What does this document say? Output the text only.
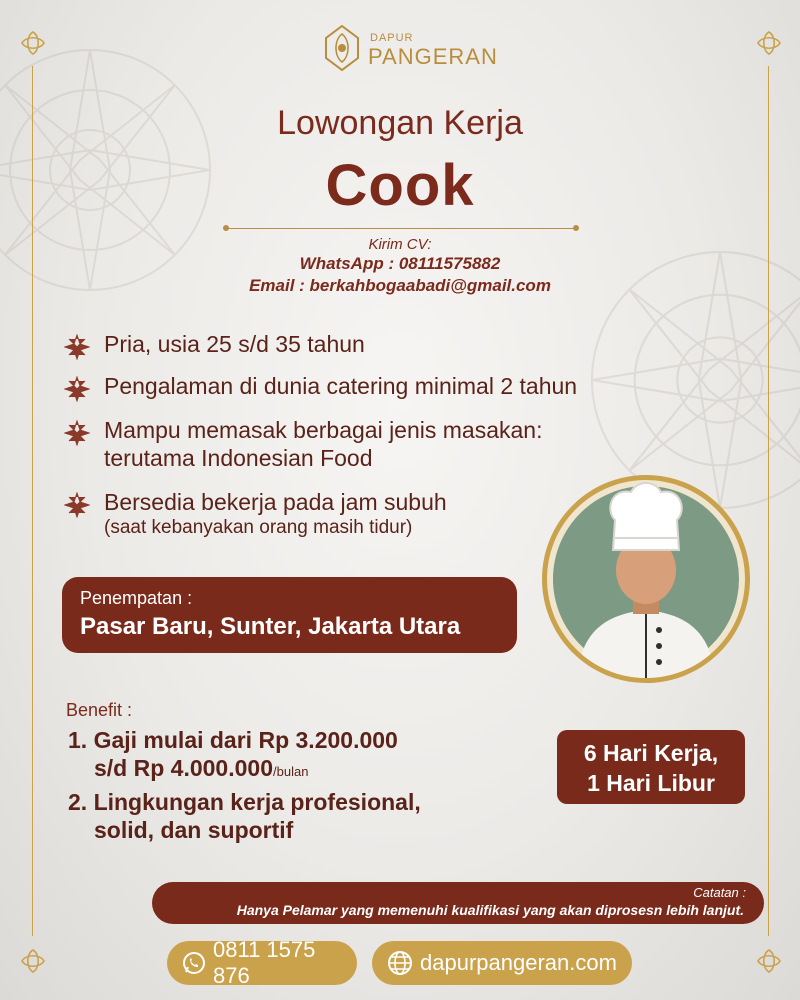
DAPUR
PANGERAN
Lowongan Kerja
Cook
Kirim CV:
WhatsApp : 08111575882
Email : berkahbogaabadi@gmail.com
Pria, usia 25 s/d 35 tahun
Pengalaman di dunia catering minimal 2 tahun
Mampu memasak berbagai jenis masakan:
terutama Indonesian Food
Bersedia bekerja pada jam subuh
(saat kebanyakan orang masih tidur)
Penempatan :
Pasar Baru, Sunter, Jakarta Utara
Benefit :
1. Gaji mulai dari Rp 3.200.000
s/d Rp 4.000.000/bulan
2. Lingkungan kerja profesional,
solid, dan suportif
6 Hari Kerja,
1 Hari Libur
Catatan :
Hanya Pelamar yang memenuhi kualifikasi yang akan diprosesn lebih lanjut.
0811 1575 876
dapurpangeran.com
